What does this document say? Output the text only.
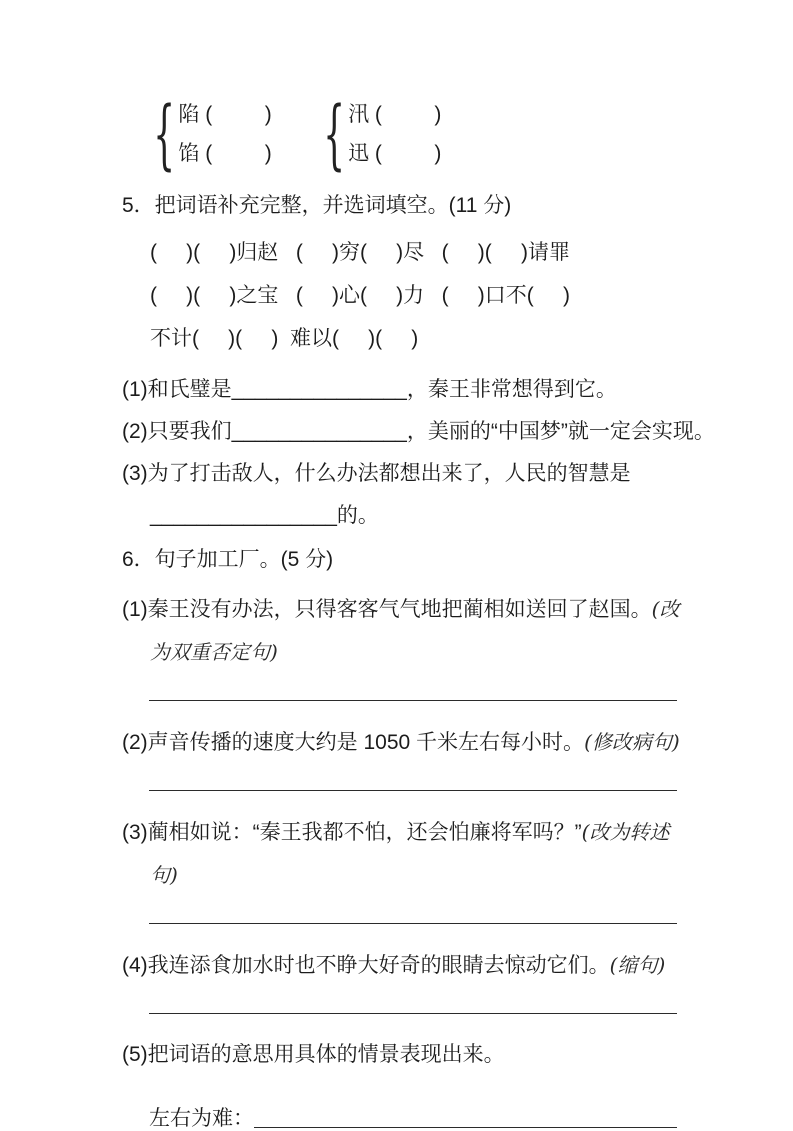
{ 陷 (         )
馅 (         ) { 汛 (         )
迅 (         )
5．把词语补充完整，并选词填空。(11 分)
(     )(     )归赵   (     )穷(     )尽   (     )(     )请罪
(     )(     )之宝   (     )心(     )力   (     )口不(     )
不计(     )(     )  难以(     )(     )
(1)和氏璧是_______________，秦王非常想得到它。
(2)只要我们_______________，美丽的“中国梦”就一定会实现。
(3)为了打击敌人，什么办法都想出来了，人民的智慧是
________________的。
6．句子加工厂。(5 分)
(1)秦王没有办法，只得客客气气地把蔺相如送回了赵国。(改为双重否定句)
(2)声音传播的速度大约是 1050 千米左右每小时。(修改病句)
(3)蔺相如说：“秦王我都不怕，还会怕廉将军吗？”(改为转述句)
(4)我连添食加水时也不睁大好奇的眼睛去惊动它们。(缩句)
(5)把词语的意思用具体的情景表现出来。
左右为难：
